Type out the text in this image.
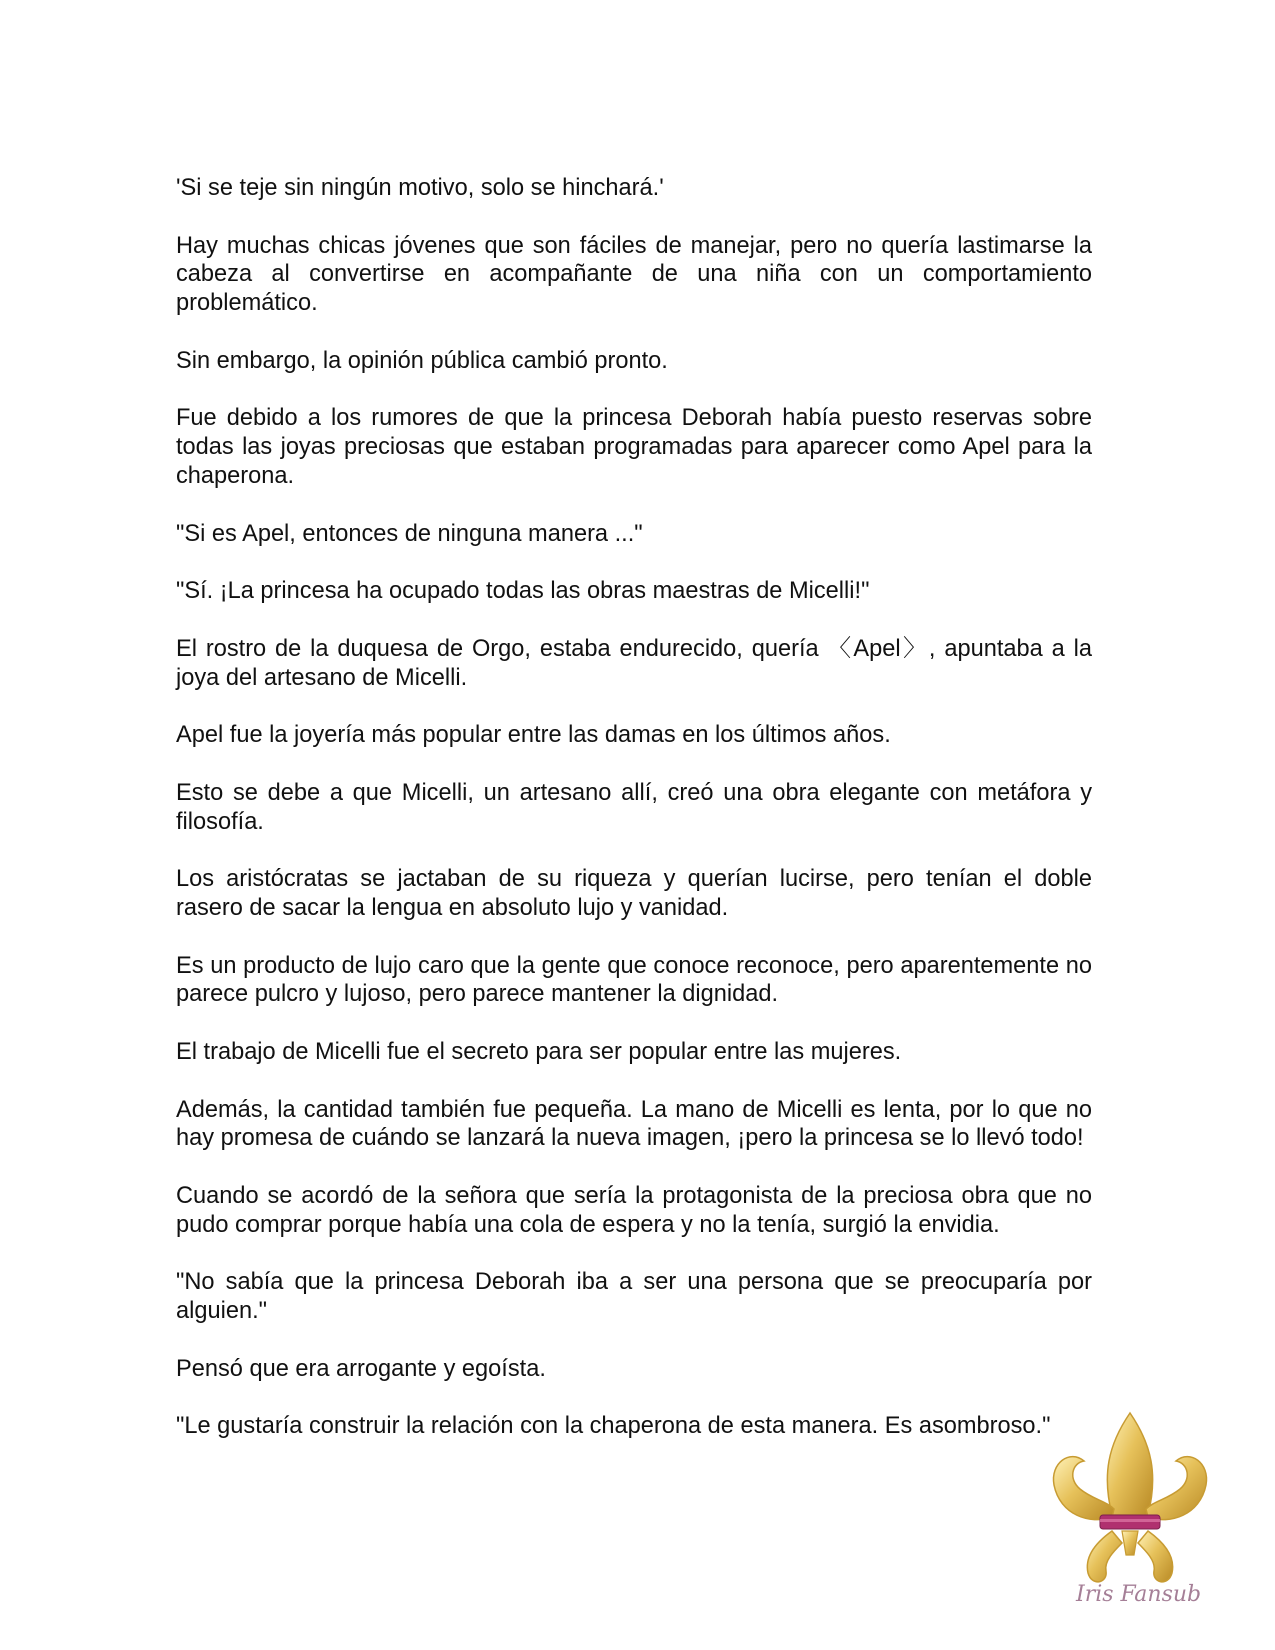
'Si se teje sin ningún motivo, solo se hinchará.'

Hay muchas chicas jóvenes que son fáciles de manejar, pero no quería lastimarse la cabeza al convertirse en acompañante de una niña con un comportamiento problemático.

Sin embargo, la opinión pública cambió pronto.

Fue debido a los rumores de que la princesa Deborah había puesto reservas sobre todas las joyas preciosas que estaban programadas para aparecer como Apel para la chaperona.

"Si es Apel, entonces de ninguna manera ..."

"Sí. ¡La princesa ha ocupado todas las obras maestras de Micelli!"

El rostro de la duquesa de Orgo, estaba endurecido, quería 〈Apel〉, apuntaba a la joya del artesano de Micelli.

Apel fue la joyería más popular entre las damas en los últimos años.

Esto se debe a que Micelli, un artesano allí, creó una obra elegante con metáfora y filosofía.

Los aristócratas se jactaban de su riqueza y querían lucirse, pero tenían el doble rasero de sacar la lengua en absoluto lujo y vanidad.

Es un producto de lujo caro que la gente que conoce reconoce, pero aparentemente no parece pulcro y lujoso, pero parece mantener la dignidad.

El trabajo de Micelli fue el secreto para ser popular entre las mujeres.

Además, la cantidad también fue pequeña. La mano de Micelli es lenta, por lo que no hay promesa de cuándo se lanzará la nueva imagen, ¡pero la princesa se lo llevó todo!

Cuando se acordó de la señora que sería la protagonista de la preciosa obra que no pudo comprar porque había una cola de espera y no la tenía, surgió la envidia.

"No sabía que la princesa Deborah iba a ser una persona que se preocuparía por alguien."

Pensó que era arrogante y egoísta.

"Le gustaría construir la relación con la chaperona de esta manera. Es asombroso."

Iris Fansub
